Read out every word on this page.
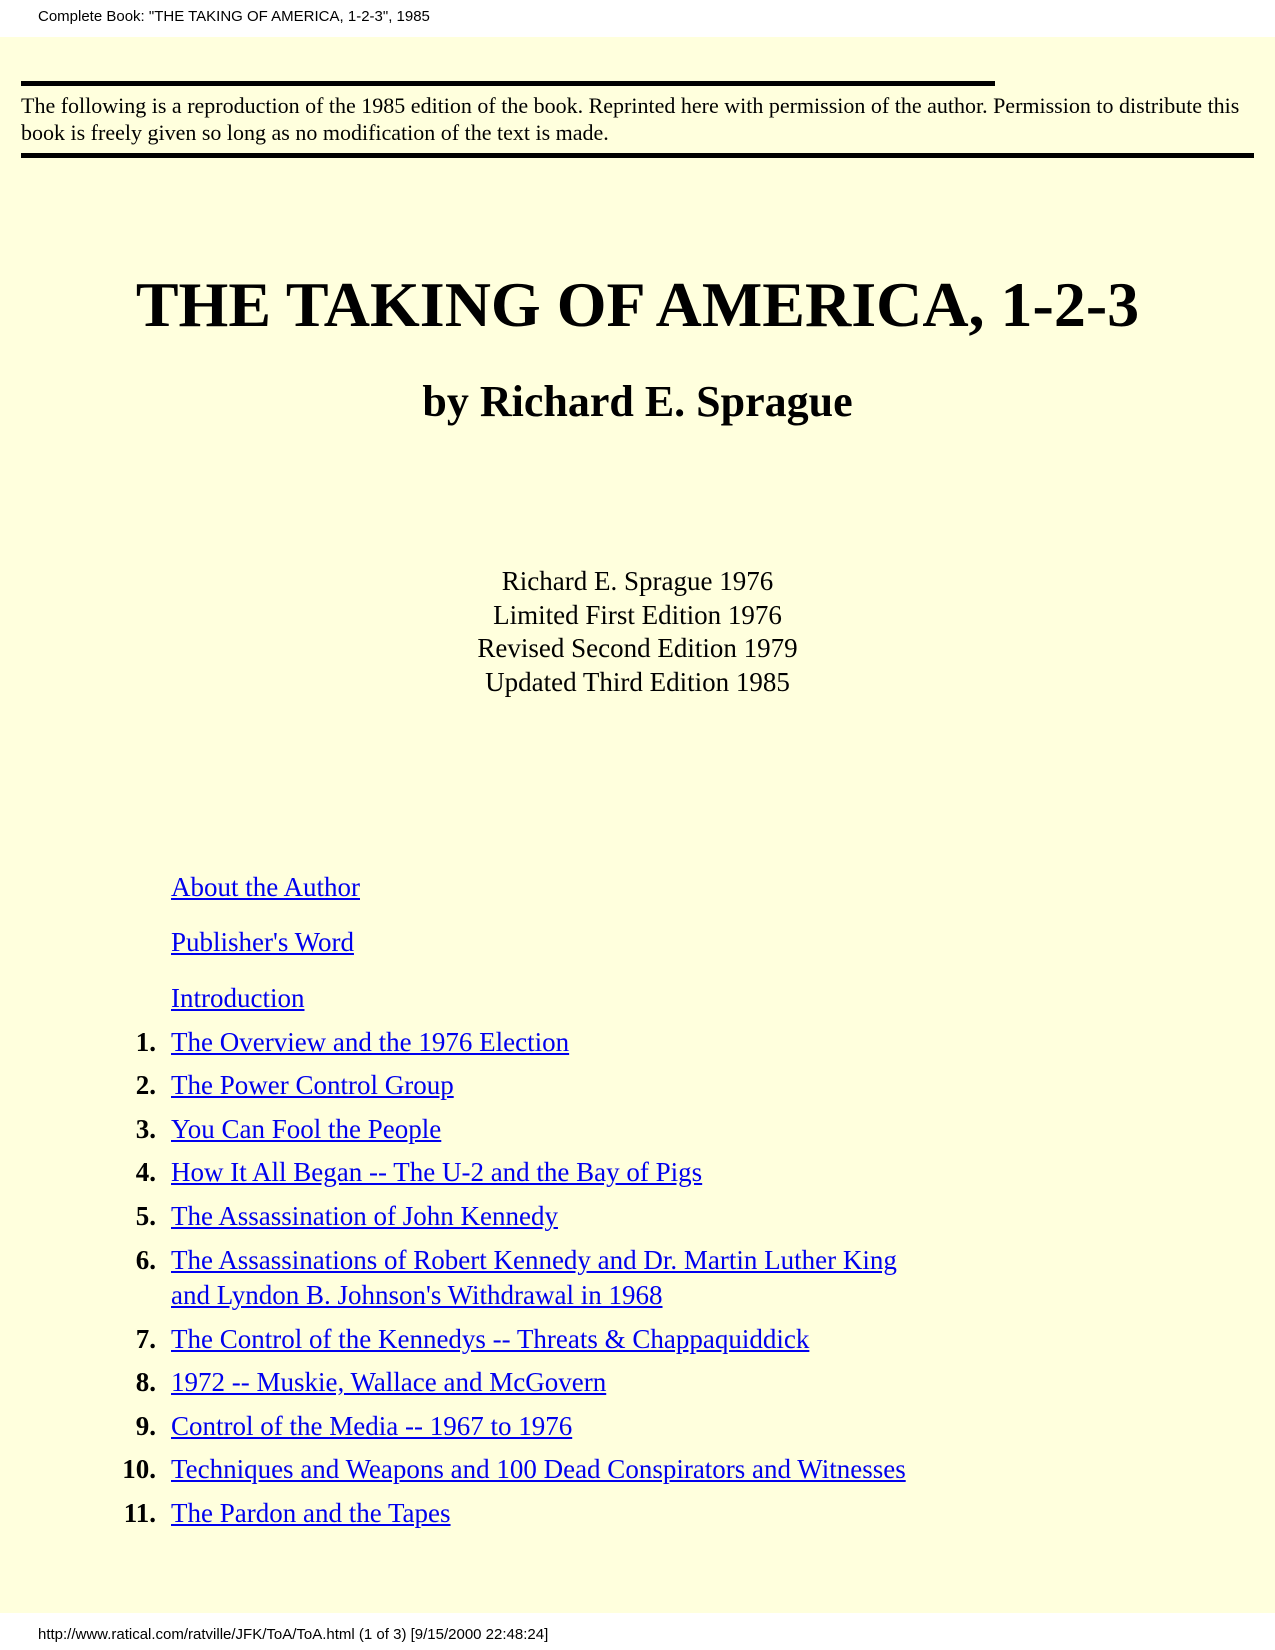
Complete Book: "THE TAKING OF AMERICA, 1-2-3", 1985
The following is a reproduction of the 1985 edition of the book. Reprinted here with permission of the author. Permission to distribute this book is freely given so long as no modification of the text is made.
THE TAKING OF AMERICA, 1-2-3
by Richard E. Sprague
Richard E. Sprague 1976
Limited First Edition 1976
Revised Second Edition 1979
Updated Third Edition 1985
About the Author
Publisher's Word
Introduction
1. The Overview and the 1976 Election
2. The Power Control Group
3. You Can Fool the People
4. How It All Began -- The U-2 and the Bay of Pigs
5. The Assassination of John Kennedy
6. The Assassinations of Robert Kennedy and Dr. Martin Luther King
and Lyndon B. Johnson's Withdrawal in 1968
7. The Control of the Kennedys -- Threats & Chappaquiddick
8. 1972 -- Muskie, Wallace and McGovern
9. Control of the Media -- 1967 to 1976
10. Techniques and Weapons and 100 Dead Conspirators and Witnesses
11. The Pardon and the Tapes
http://www.ratical.com/ratville/JFK/ToA/ToA.html (1 of 3) [9/15/2000 22:48:24]
